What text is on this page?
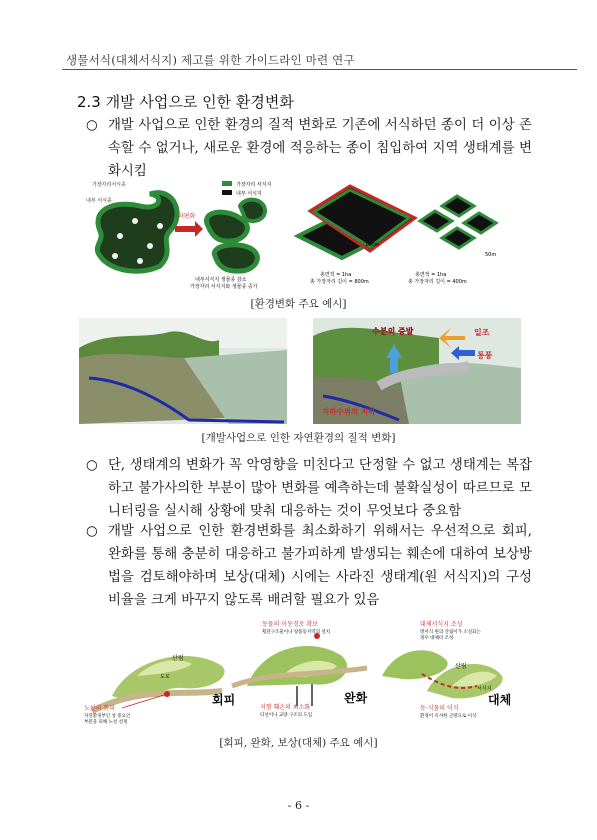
생물서식(대체서식지) 제고를 위한 가이드라인 마련 연구
2.3 개발 사업으로 인한 환경변화
○ 개발 사업으로 인한 환경의 질적 변화로 기존에 서식하던 종이 더 이상 존속할 수 없거나, 새로운 환경에 적응하는 종이 침입하여 지역 생태계를 변화시킴
파편화
가장자리서식종
내부 서식종
가장자리 서식지
내부 서식지
내부서식지 생물종 감소
가장자리 서식지와 생물종 증가
100m
총면적 = 1ha
총 가장자리 길이 = 800m
50m
총면적 = 1ha
총 가장자리 길이 = 400m
[환경변화 주요 예시]
수분의 증발	일조
통풍
지하수위의 저하
[개발사업으로 인한 자연환경의 질적 변화]
○ 단, 생태계의 변화가 꼭 악영향을 미친다고 단정할 수 없고 생태계는 복잡하고 불가사의한 부분이 많아 변화를 예측하는데 불확실성이 따르므로 모니터링을 실시해 상황에 맞춰 대응하는 것이 무엇보다 중요함
○ 개발 사업으로 인한 환경변화를 최소화하기 위해서는 우선적으로 회피, 완화를 통해 충분히 대응하고 불가피하게 발생되는 훼손에 대하여 보상방법을 검토해야하며 보상(대체) 시에는 사라진 생태계(원 서식지)의 구성 비율을 크게 바꾸지 않도록 배려할 필요가 있음
산림
도로
회피
노선의 회피
자연환경부인 상 중요인
부분을 피해 노선 선정
동물의 이동경로 확보
횡단구조물이나 창틀동지역의 설치
지형 훼손의 최소화
터널이나 교량 구조의 도입
완화
대체서식지 조성
망서식 원의 산림이가 소실되는
경우 대체터 조성
산림
서식지
동·식물의 이식
환경이 유사한 근방으로 이식
대체
[회피, 완화, 보상(대체) 주요 예시]
- 6 -
